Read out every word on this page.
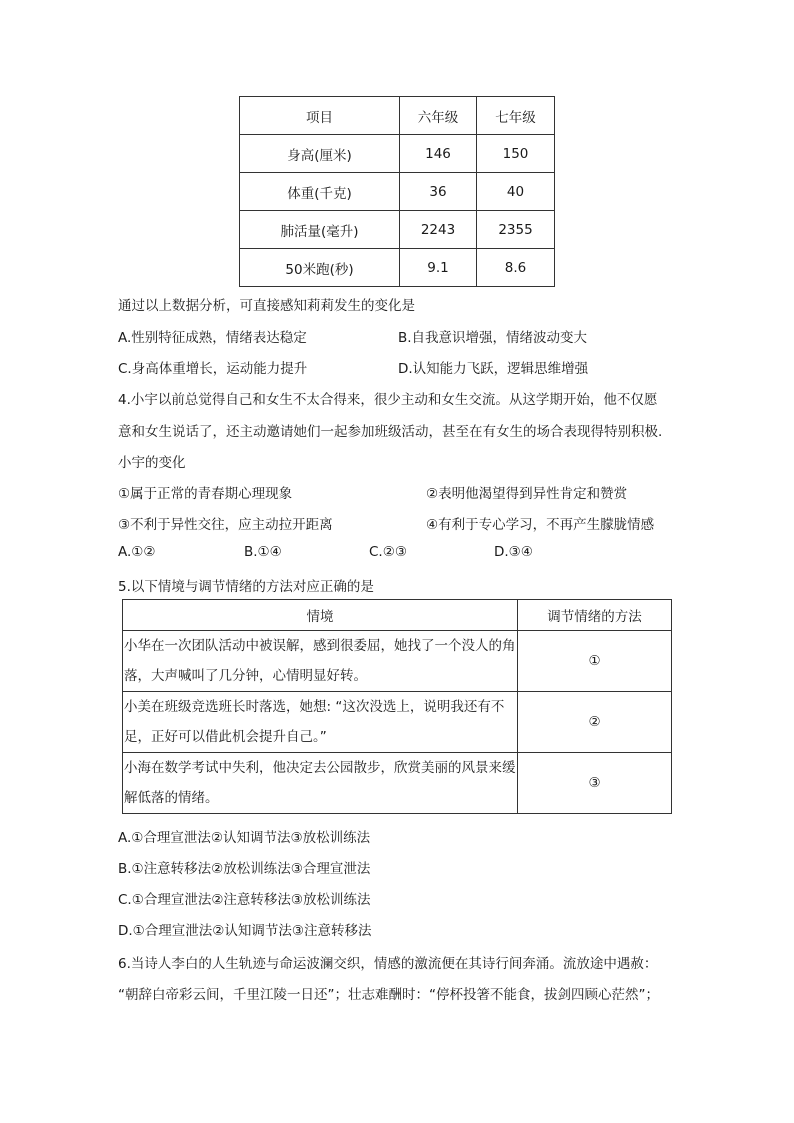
项目	六年级	七年级
身高(厘米)	146	150
体重(千克)	36	40
肺活量(毫升)	2243	2355
50米跑(秒)	9.1	8.6
通过以上数据分析，可直接感知莉莉发生的变化是
A.性别特征成熟，情绪表达稳定	B.自我意识增强，情绪波动变大
C.身高体重增长，运动能力提升	D.认知能力飞跃，逻辑思维增强
4.小宇以前总觉得自己和女生不太合得来，很少主动和女生交流。从这学期开始，他不仅愿
意和女生说话了，还主动邀请她们一起参加班级活动，甚至在有女生的场合表现得特别积极.
小宇的变化
①属于正常的青春期心理现象	②表明他渴望得到异性肯定和赞赏
③不利于异性交往，应主动拉开距离	④有利于专心学习，不再产生朦胧情感
A.①②	B.①④	C.②③	D.③④
5.以下情境与调节情绪的方法对应正确的是
情境	调节情绪的方法
小华在一次团队活动中被误解，感到很委屈，她找了一个没人的角落，大声喊叫了几分钟，心情明显好转。	①
小美在班级竞选班长时落选，她想: “这次没选上，说明我还有不足，正好可以借此机会提升自己。”	②
小海在数学考试中失利，他决定去公园散步，欣赏美丽的风景来缓解低落的情绪。	③
A.①合理宣泄法②认知调节法③放松训练法
B.①注意转移法②放松训练法③合理宣泄法
C.①合理宣泄法②注意转移法③放松训练法
D.①合理宣泄法②认知调节法③注意转移法
6.当诗人李白的人生轨迹与命运波澜交织，情感的激流便在其诗行间奔涌。流放途中遇赦：
“朝辞白帝彩云间，千里江陵一日还”；壮志难酬时：“停杯投箸不能食，拔剑四顾心茫然”；
